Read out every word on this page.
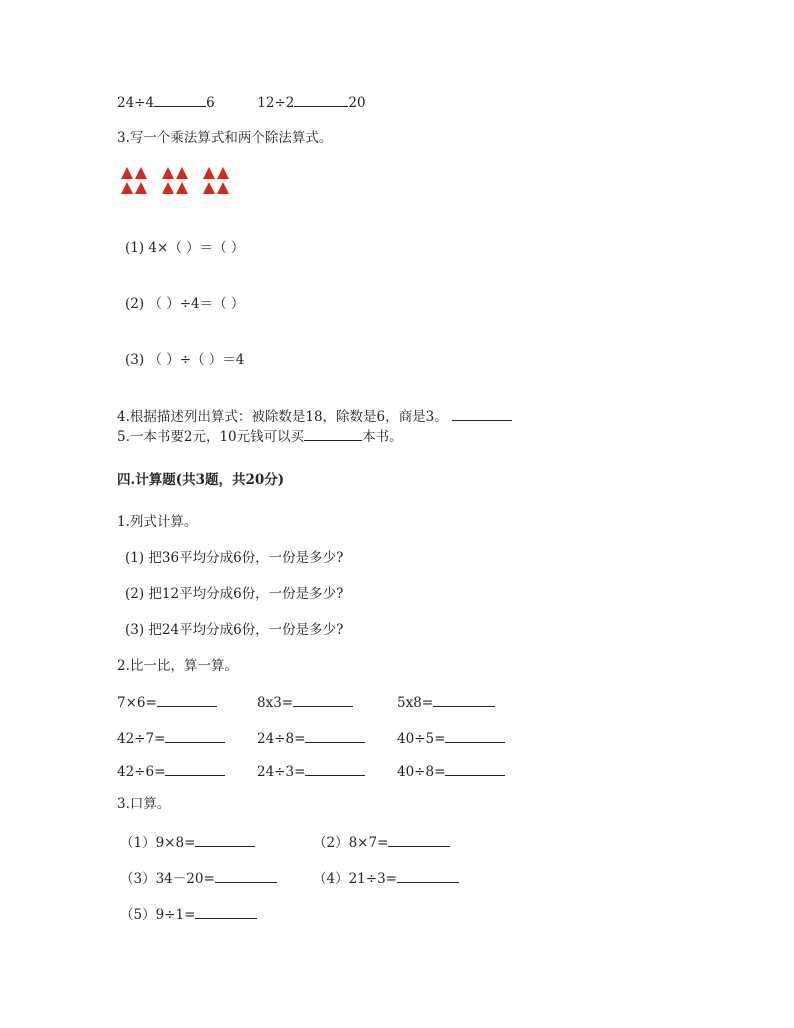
24÷4	6	12÷2	20
3.写一个乘法算式和两个除法算式。
(1) 4×（ ）＝（ ）
(2) （ ）÷4＝（ ）
(3) （ ）÷（ ）＝4
4.根据描述列出算式：被除数是18，除数是6，商是3。
5.一本书要2元，10元钱可以买	本书。
四.计算题(共3题，共20分)
1.列式计算。
(1) 把36平均分成6份，一份是多少?
(2) 把12平均分成6份，一份是多少?
(3) 把24平均分成6份，一份是多少?
2.比一比，算一算。
7×6=	8x3=	5x8=
42÷7=	24÷8=	40÷5=
42÷6=	24÷3=	40÷8=
3.口算。
（1）9×8=	（2）8×7=
（3）34－20=	（4）21÷3=
（5）9÷1=
